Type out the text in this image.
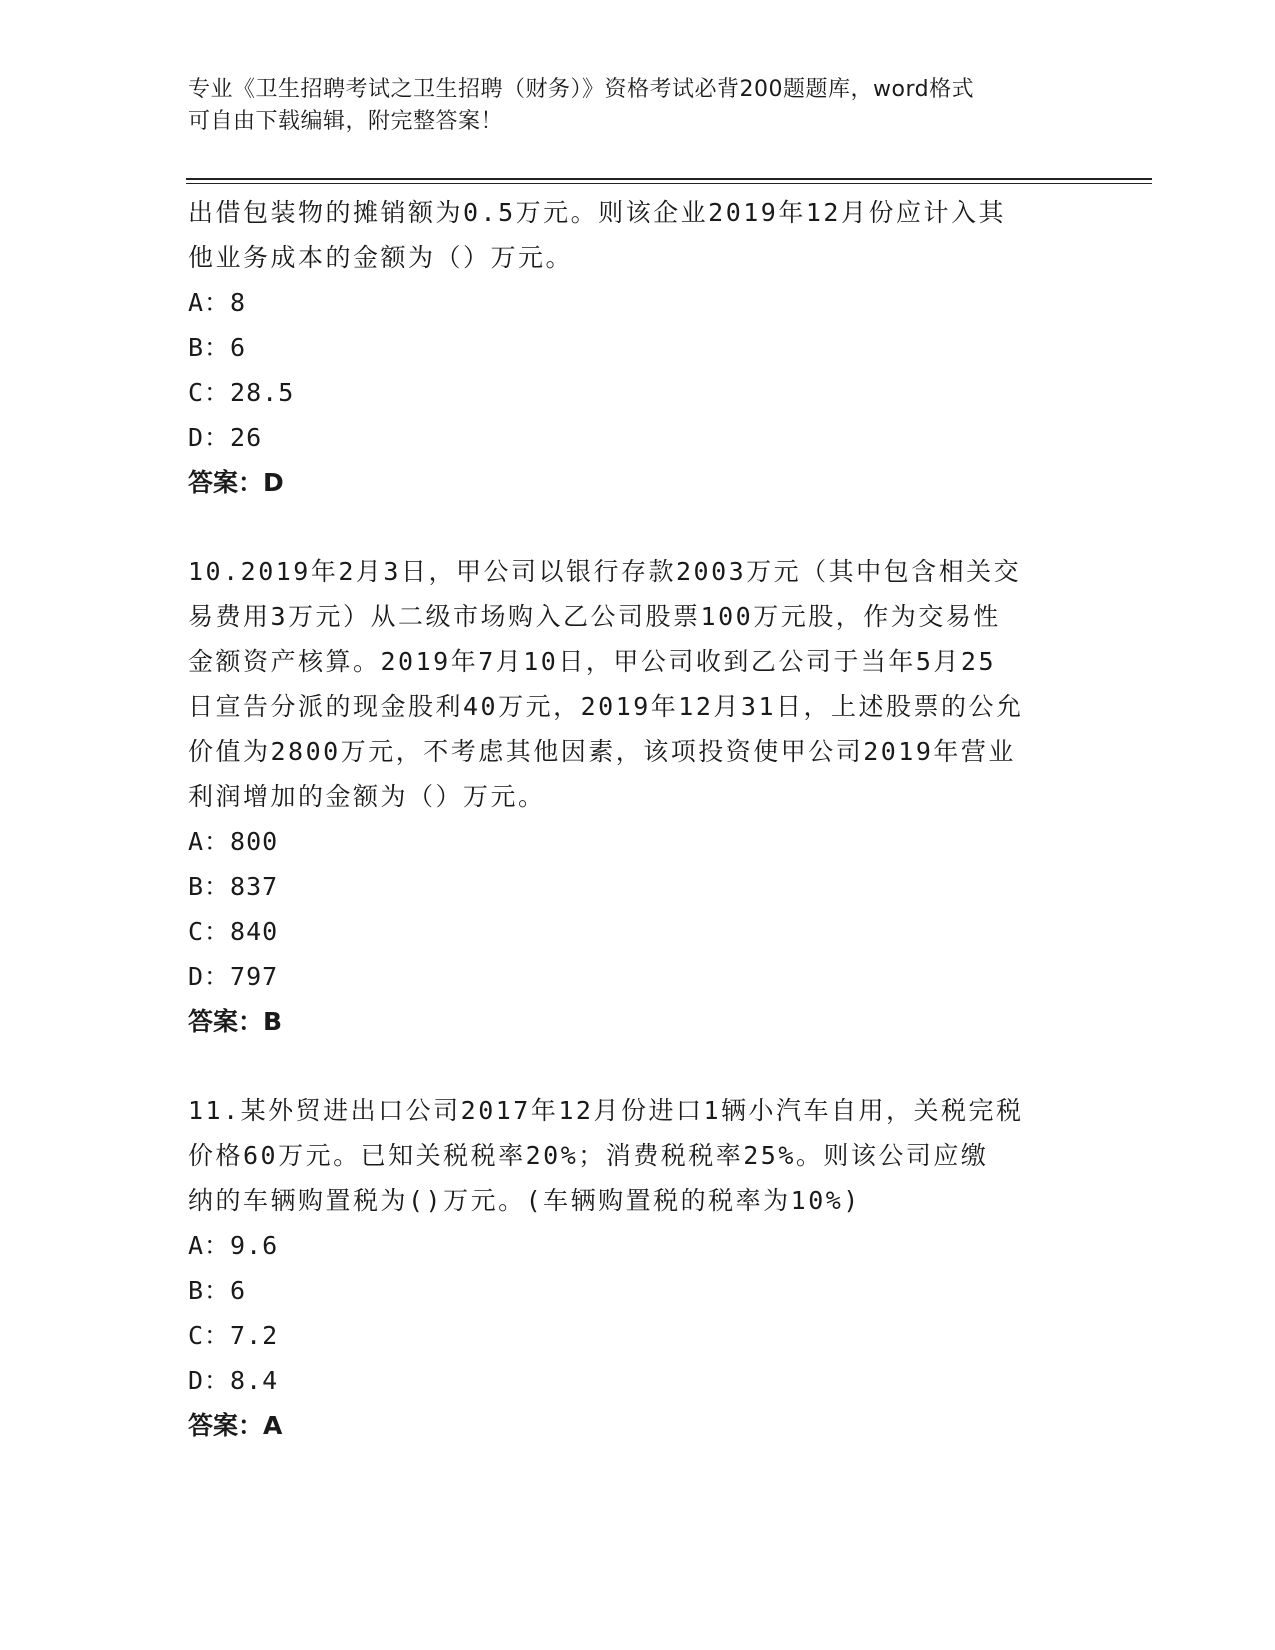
专业《卫生招聘考试之卫生招聘（财务）》资格考试必背200题题库，word格式
可自由下载编辑，附完整答案！
出借包装物的摊销额为0.5万元。则该企业2019年12月份应计入其
他业务成本的金额为（）万元。
A：8
B：6
C：28.5
D：26
答案：D
10.2019年2月3日，甲公司以银行存款2003万元（其中包含相关交
易费用3万元）从二级市场购入乙公司股票100万元股，作为交易性
金额资产核算。2019年7月10日，甲公司收到乙公司于当年5月25
日宣告分派的现金股利40万元，2019年12月31日，上述股票的公允
价值为2800万元，不考虑其他因素，该项投资使甲公司2019年营业
利润增加的金额为（）万元。
A：800
B：837
C：840
D：797
答案：B
11.某外贸进出口公司2017年12月份进口1辆小汽车自用，关税完税
价格60万元。已知关税税率20%；消费税税率25%。则该公司应缴
纳的车辆购置税为()万元。(车辆购置税的税率为10%)
A：9.6
B：6
C：7.2
D：8.4
答案：A
